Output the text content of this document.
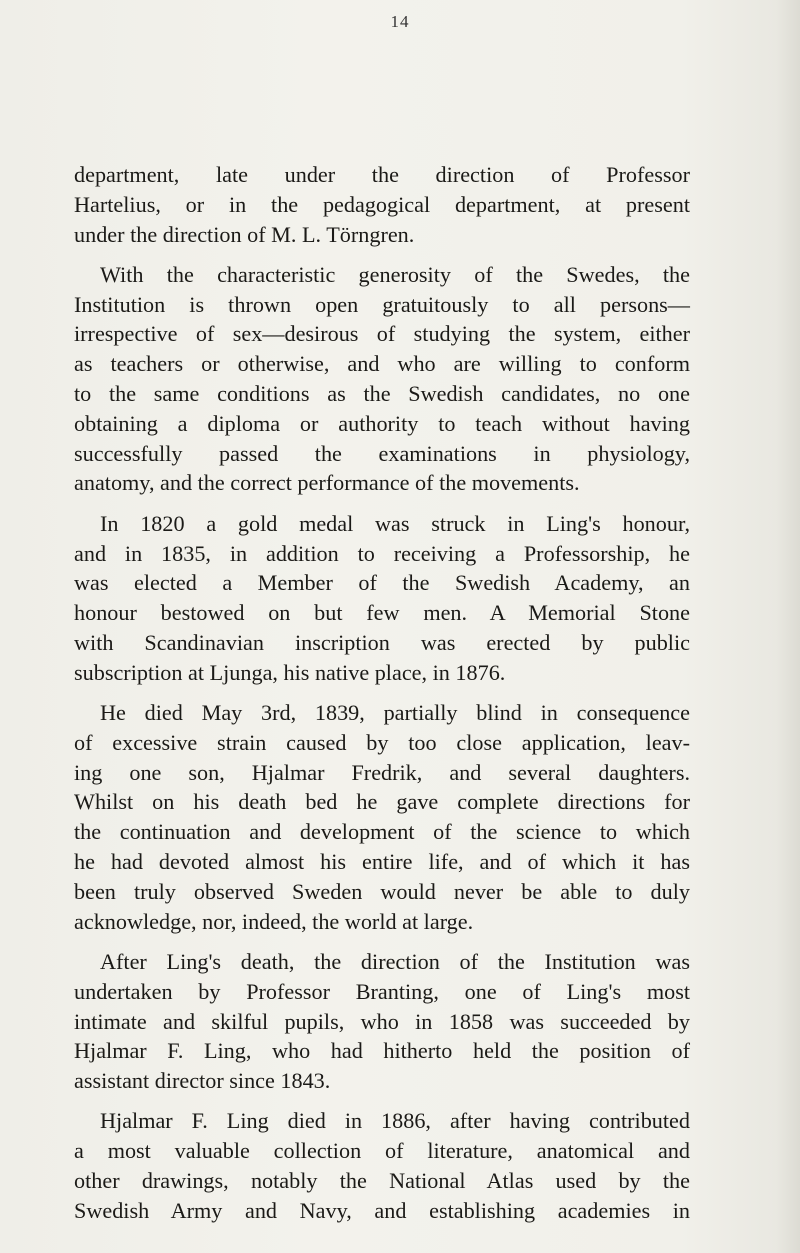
14
department, late under the direction of Professor
Hartelius, or in the pedagogical department, at present
under the direction of M. L. Törngren.
With the characteristic generosity of the Swedes, the
Institution is thrown open gratuitously to all persons—
irrespective of sex—desirous of studying the system, either
as teachers or otherwise, and who are willing to conform
to the same conditions as the Swedish candidates, no one
obtaining a diploma or authority to teach without having
successfully passed the examinations in physiology,
anatomy, and the correct performance of the movements.
In 1820 a gold medal was struck in Ling's honour,
and in 1835, in addition to receiving a Professorship, he
was elected a Member of the Swedish Academy, an
honour bestowed on but few men. A Memorial Stone
with Scandinavian inscription was erected by public
subscription at Ljunga, his native place, in 1876.
He died May 3rd, 1839, partially blind in consequence
of excessive strain caused by too close application, leav-
ing one son, Hjalmar Fredrik, and several daughters.
Whilst on his death bed he gave complete directions for
the continuation and development of the science to which
he had devoted almost his entire life, and of which it has
been truly observed Sweden would never be able to duly
acknowledge, nor, indeed, the world at large.
After Ling's death, the direction of the Institution was
undertaken by Professor Branting, one of Ling's most
intimate and skilful pupils, who in 1858 was succeeded by
Hjalmar F. Ling, who had hitherto held the position of
assistant director since 1843.
Hjalmar F. Ling died in 1886, after having contributed
a most valuable collection of literature, anatomical and
other drawings, notably the National Atlas used by the
Swedish Army and Navy, and establishing academies in
